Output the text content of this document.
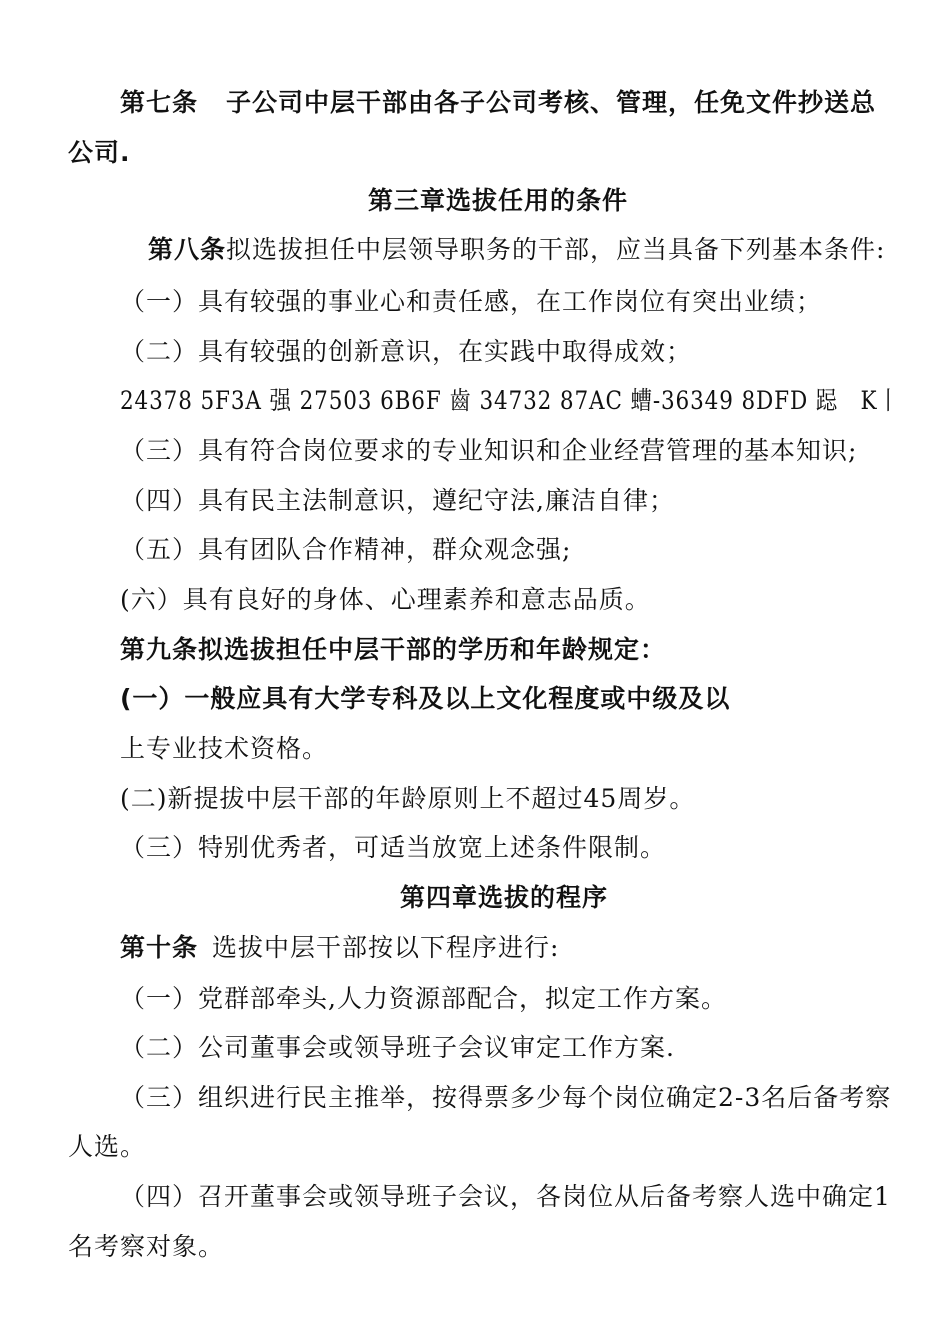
第七条 子公司中层干部由各子公司考核、管理，任免文件抄送总
公司.
第三章选拔任用的条件
第八条拟选拔担任中层领导职务的干部，应当具备下列基本条件:
（一）具有较强的事业心和责任感，在工作岗位有突出业绩；
（二）具有较强的创新意识，在实践中取得成效；
24378 5F3A 强 27503 6B6F 齒 34732 87AC 螬-36349 8DFD 跽　K丨
（三）具有符合岗位要求的专业知识和企业经营管理的基本知识;
（四）具有民主法制意识，遵纪守法,廉洁自律；
（五）具有团队合作精神，群众观念强;
(六）具有良好的身体、心理素养和意志品质。
第九条拟选拔担任中层干部的学历和年龄规定：
(一）一般应具有大学专科及以上文化程度或中级及以
上专业技术资格。
(二)新提拔中层干部的年龄原则上不超过45周岁。
（三）特别优秀者，可适当放宽上述条件限制。
第四章选拔的程序
第十条 选拔中层干部按以下程序进行:
（一）党群部牵头,人力资源部配合，拟定工作方案。
（二）公司董事会或领导班子会议审定工作方案.
（三）组织进行民主推举，按得票多少每个岗位确定2-3名后备考察
人选。
（四）召开董事会或领导班子会议，各岗位从后备考察人选中确定1
名考察对象。
